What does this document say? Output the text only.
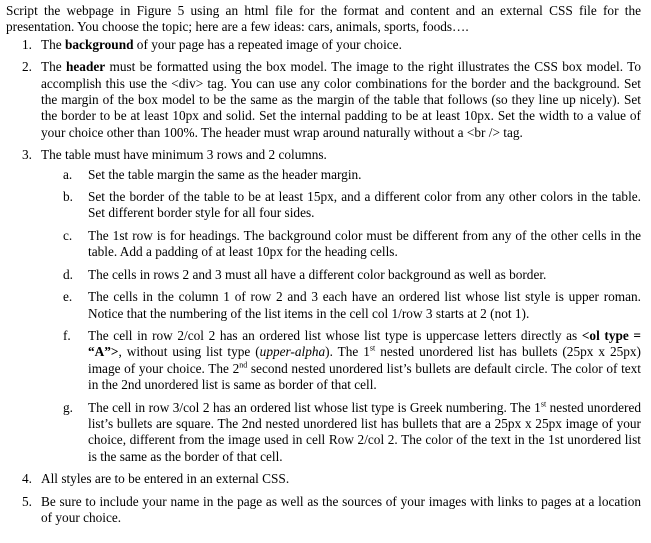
Script the webpage in Figure 5 using an html file for the format and content and an external CSS file for the presentation. You choose the topic; here are a few ideas: cars, animals, sports, foods….

1. The background of your page has a repeated image of your choice.
2. The header must be formatted using the box model. The image to the right illustrates the CSS box model. To accomplish this use the <div> tag. You can use any color combinations for the border and the background. Set the margin of the box model to be the same as the margin of the table that follows (so they line up nicely). Set the border to be at least 10px and solid. Set the internal padding to be at least 10px. Set the width to a value of your choice other than 100%. The header must wrap around naturally without a <br /> tag.
3. The table must have minimum 3 rows and 2 columns.
a. Set the table margin the same as the header margin.
b. Set the border of the table to be at least 15px, and a different color from any other colors in the table. Set different border style for all four sides.
c. The 1st row is for headings. The background color must be different from any of the other cells in the table. Add a padding of at least 10px for the heading cells.
d. The cells in rows 2 and 3 must all have a different color background as well as border.
e. The cells in the column 1 of row 2 and 3 each have an ordered list whose list style is upper roman. Notice that the numbering of the list items in the cell col 1/row 3 starts at 2 (not 1).
f. The cell in row 2/col 2 has an ordered list whose list type is uppercase letters directly as <ol type = “A”>, without using list type (upper-alpha). The 1st nested unordered list has bullets (25px x 25px) image of your choice. The 2nd second nested unordered list’s bullets are default circle. The color of text in the 2nd unordered list is same as border of that cell.
g. The cell in row 3/col 2 has an ordered list whose list type is Greek numbering. The 1st nested unordered list’s bullets are square. The 2nd nested unordered list has bullets that are a 25px x 25px image of your choice, different from the image used in cell Row 2/col 2. The color of the text in the 1st unordered list is the same as the border of that cell.
4. All styles are to be entered in an external CSS.
5. Be sure to include your name in the page as well as the sources of your images with links to pages at a location of your choice.
